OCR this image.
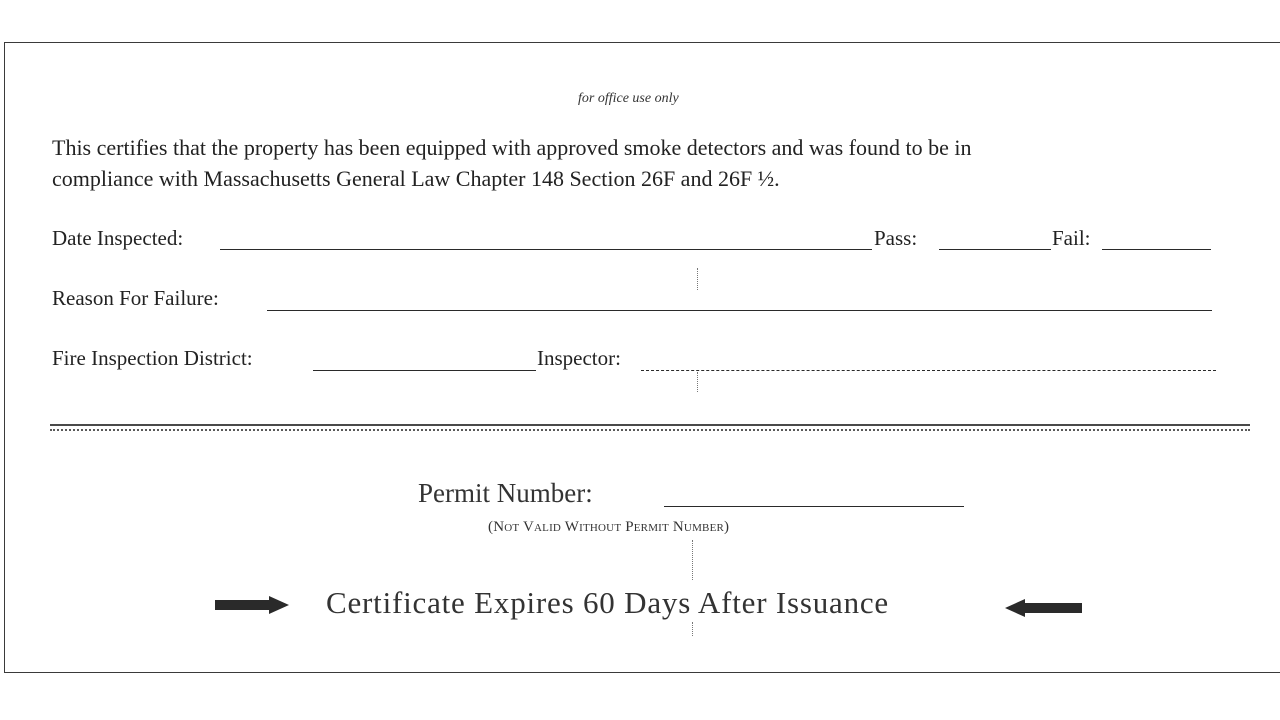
for office use only
This certifies that the property has been equipped with approved smoke detectors and was found to be in
compliance with Massachusetts General Law Chapter 148 Section 26F and 26F ½.
Date Inspected:	Pass:	Fail:
Reason For Failure:
Fire Inspection District:	Inspector:
Permit Number:
(Not Valid Without Permit Number)
Certificate Expires 60 Days After Issuance
